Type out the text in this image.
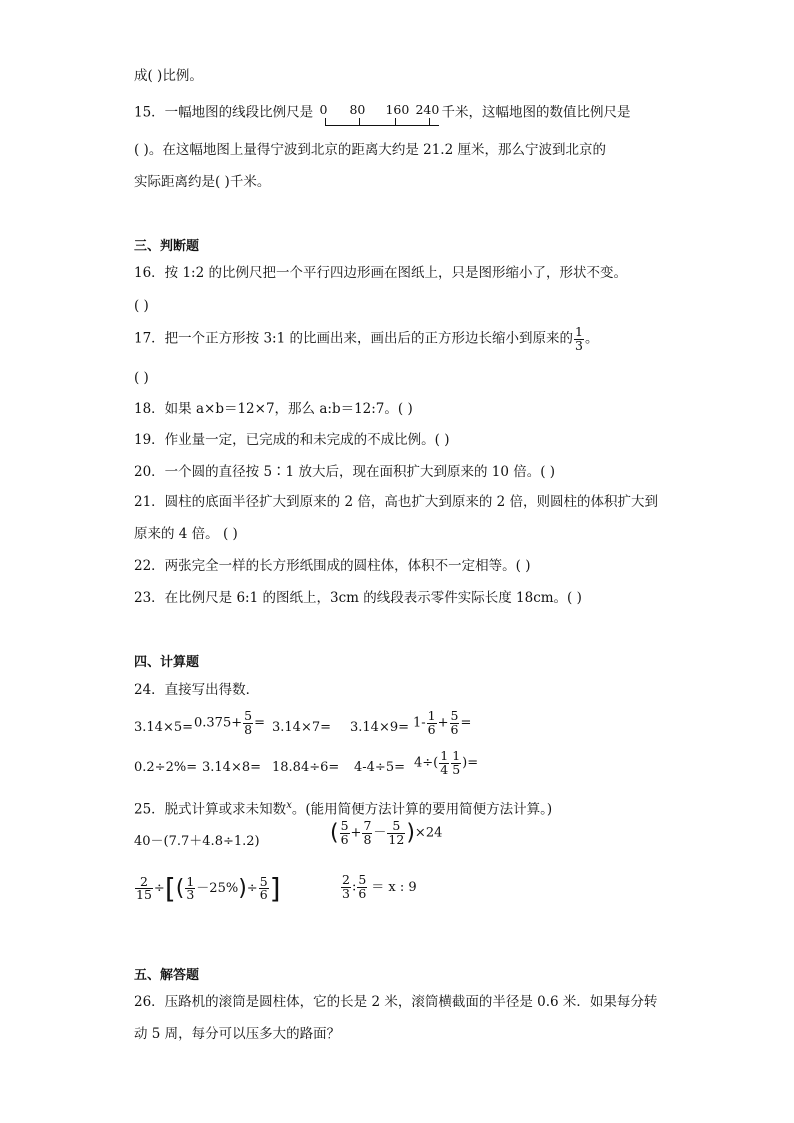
成( )比例。
15．一幅地图的线段比例尺是 0 80 160 240 千米，这幅地图的数值比例尺是
( )。在这幅地图上量得宁波到北京的距离大约是 21.2 厘米，那么宁波到北京的
实际距离约是( )千米。
三、判断题
16．按 1:2 的比例尺把一个平行四边形画在图纸上，只是图形缩小了，形状不变。
( )
17．把一个正方形按 3:1 的比画出来，画出后的正方形边长缩小到原来的 $\frac{1}{3}$ 。
( )
18．如果 a×b＝12×7，那么 a:b＝12:7。( )
19．作业量一定，已完成的和未完成的不成比例。( )
20．一个圆的直径按 5∶1 放大后，现在面积扩大到原来的 10 倍。( )
21．圆柱的底面半径扩大到原来的 2 倍，高也扩大到原来的 2 倍，则圆柱的体积扩大到
原来的 4 倍。 ( )
22．两张完全一样的长方形纸围成的圆柱体，体积不一定相等。( )
23．在比例尺是 6:1 的图纸上，3cm 的线段表示零件实际长度 18cm。( )
四、计算题
24．直接写出得数．
$3.14\times 5= 0.375+ \frac{5}{8} = 3.14\times 7= 3.14\times 9= 1- \frac{1}{6} + \frac{5}{6}$ =
$0.2\div 2\%= 3.14\times 8= 18.84\div 6= 4-4\div 5= 4\div( \frac{1}{4} \frac{1}{5}$ )=
25．脱式计算或求未知数$^x$。(能用简便方法计算的要用简便方法计算。)
40－(7.7＋4.8÷1.2)	( $\frac{5}{6} + \frac{7}{8} - \frac{5}{12} )\times 24$
$\frac{2}{15}$ ÷[( $\frac{1}{3} -25\%)\div \frac{5}{6}$ ]	$\frac{2}{3}$ : $\frac{5}{6} = x$ : 9
五、解答题
26．压路机的滚筒是圆柱体，它的长是 2 米，滚筒横截面的半径是 0.6 米．如果每分转
动 5 周，每分可以压多大的路面？
